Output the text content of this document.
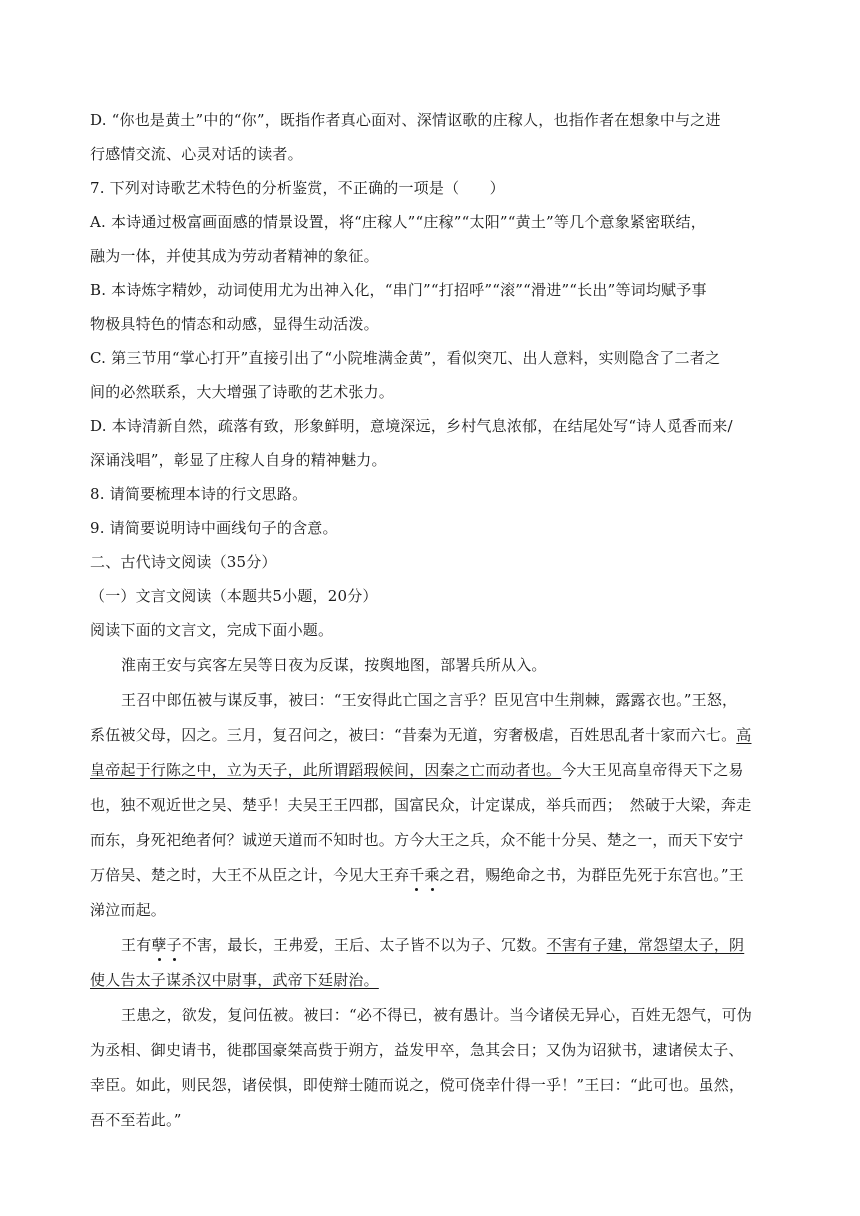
D. “你也是黄土”中的“你”，既指作者真心面对、深情讴歌的庄稼人，也指作者在想象中与之进
行感情交流、心灵对话的读者。
7. 下列对诗歌艺术特色的分析鉴赏，不正确的一项是（　　）
A. 本诗通过极富画面感的情景设置，将“庄稼人”“庄稼”“太阳”“黄土”等几个意象紧密联结，
融为一体，并使其成为劳动者精神的象征。
B. 本诗炼字精妙，动词使用尤为出神入化，“串门”“打招呼”“滚”“滑进”“长出”等词均赋予事
物极具特色的情态和动感，显得生动活泼。
C. 第三节用“掌心打开”直接引出了“小院堆满金黄”，看似突兀、出人意料，实则隐含了二者之
间的必然联系，大大增强了诗歌的艺术张力。
D. 本诗清新自然，疏落有致，形象鲜明，意境深远，乡村气息浓郁，在结尾处写“诗人觅香而来/
深诵浅唱”，彰显了庄稼人自身的精神魅力。
8. 请简要梳理本诗的行文思路。
9. 请简要说明诗中画线句子的含意。
二、古代诗文阅读（35分）
（一）文言文阅读（本题共5小题，20分）
阅读下面的文言文，完成下面小题。
淮南王安与宾客左吴等日夜为反谋，按舆地图，部署兵所从入。
王召中郎伍被与谋反事，被曰：“王安得此亡国之言乎？臣见宫中生荆棘，露露衣也。”王怒，
系伍被父母，囚之。三月，复召问之，被曰：“昔秦为无道，穷奢极虐，百姓思乱者十家而六七。高
皇帝起于行陈之中，立为天子，此所谓蹈瑕候间，因秦之亡而动者也。今大王见高皇帝得天下之易
也，独不观近世之吴、楚乎！夫吴王王四郡，国富民众，计定谋成，举兵而西；　然破于大梁，奔走
而东，身死祀绝者何？诚逆天道而不知时也。方今大王之兵，众不能十分吴、楚之一，而天下安宁
万倍吴、楚之时，大王不从臣之计，今见大王弃千乘之君，赐绝命之书，为群臣先死于东宫也。”王
涕泣而起。
王有孽子不害，最长，王弗爱，王后、太子皆不以为子、冗数。不害有子建，常怨望太子，阴
使人告太子谋杀汉中尉事，武帝下廷尉治。
王患之，欲发，复问伍被。被曰：“必不得已，被有愚计。当今诸侯无异心，百姓无怨气，可伪
为丞相、御史请书，徙郡国豪桀高赀于朔方，益发甲卒，急其会日；又伪为诏狱书，逮诸侯太子、
幸臣。如此，则民怨，诸侯惧，即使辩士随而说之，傥可侥幸什得一乎！”王曰：“此可也。虽然，
吾不至若此。”
